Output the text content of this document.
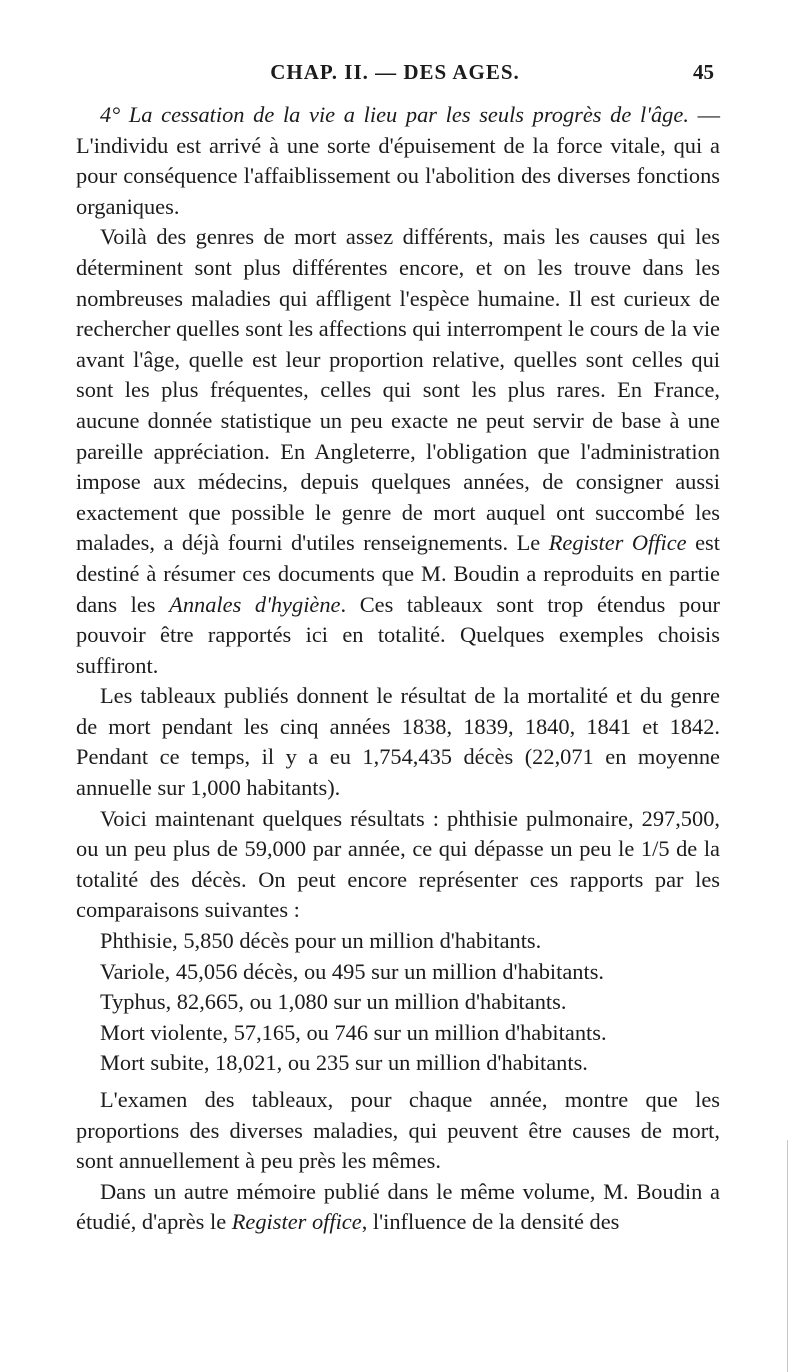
CHAP. II. — DES AGES.	45

4° La cessation de la vie a lieu par les seuls progrès de l'âge. — L'individu est arrivé à une sorte d'épuisement de la force vitale, qui a pour conséquence l'affaiblissement ou l'abolition des diverses fonctions organiques.

Voilà des genres de mort assez différents, mais les causes qui les déterminent sont plus différentes encore, et on les trouve dans les nombreuses maladies qui affligent l'espèce humaine. Il est curieux de rechercher quelles sont les affections qui interrompent le cours de la vie avant l'âge, quelle est leur proportion relative, quelles sont celles qui sont les plus fréquentes, celles qui sont les plus rares. En France, aucune donnée statistique un peu exacte ne peut servir de base à une pareille appréciation. En Angleterre, l'obligation que l'administration impose aux médecins, depuis quelques années, de consigner aussi exactement que possible le genre de mort auquel ont succombé les malades, a déjà fourni d'utiles renseignements. Le Register Office est destiné à résumer ces documents que M. Boudin a reproduits en partie dans les Annales d'hygiène. Ces tableaux sont trop étendus pour pouvoir être rapportés ici en totalité. Quelques exemples choisis suffiront.

Les tableaux publiés donnent le résultat de la mortalité et du genre de mort pendant les cinq années 1838, 1839, 1840, 1841 et 1842. Pendant ce temps, il y a eu 1,754,435 décès (22,071 en moyenne annuelle sur 1,000 habitants).

Voici maintenant quelques résultats : phthisie pulmonaire, 297,500, ou un peu plus de 59,000 par année, ce qui dépasse un peu le 1/5 de la totalité des décès. On peut encore représenter ces rapports par les comparaisons suivantes :

Phthisie, 5,850 décès pour un million d'habitants.

Variole, 45,056 décès, ou 495 sur un million d'habitants.

Typhus, 82,665, ou 1,080 sur un million d'habitants.

Mort violente, 57,165, ou 746 sur un million d'habitants.

Mort subite, 18,021, ou 235 sur un million d'habitants.

L'examen des tableaux, pour chaque année, montre que les proportions des diverses maladies, qui peuvent être causes de mort, sont annuellement à peu près les mêmes.

Dans un autre mémoire publié dans le même volume, M. Boudin a étudié, d'après le Register office, l'influence de la densité des
